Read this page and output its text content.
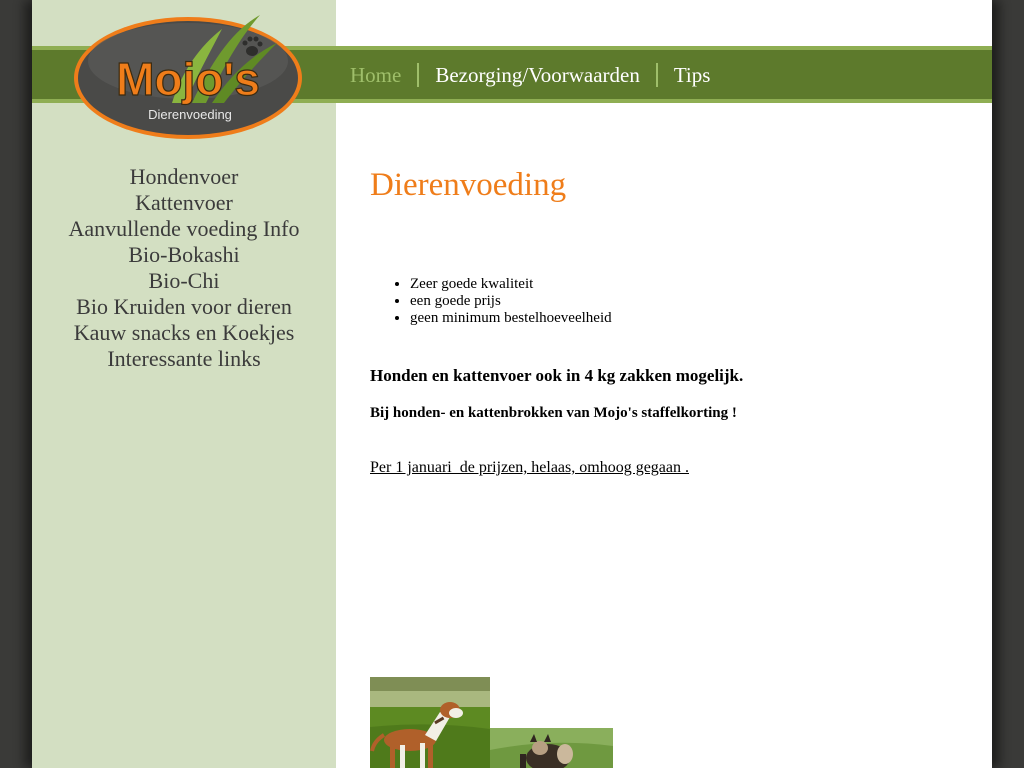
Mojo's
Dierenvoeding
Home	Bezorging/Voorwaarden	Tips
Hondenvoer
Kattenvoer
Aanvullende voeding Info
Bio-Bokashi
Bio-Chi
Bio Kruiden voor dieren
Kauw snacks en Koekjes
Interessante links
Dierenvoeding
• Zeer goede kwaliteit
• een goede prijs
• geen minimum bestelhoeveelheid

Honden en kattenvoer ook in 4 kg zakken mogelijk.

Bij honden- en kattenbrokken van Mojo's staffelkorting !

Per 1 januari  de prijzen, helaas, omhoog gegaan .
